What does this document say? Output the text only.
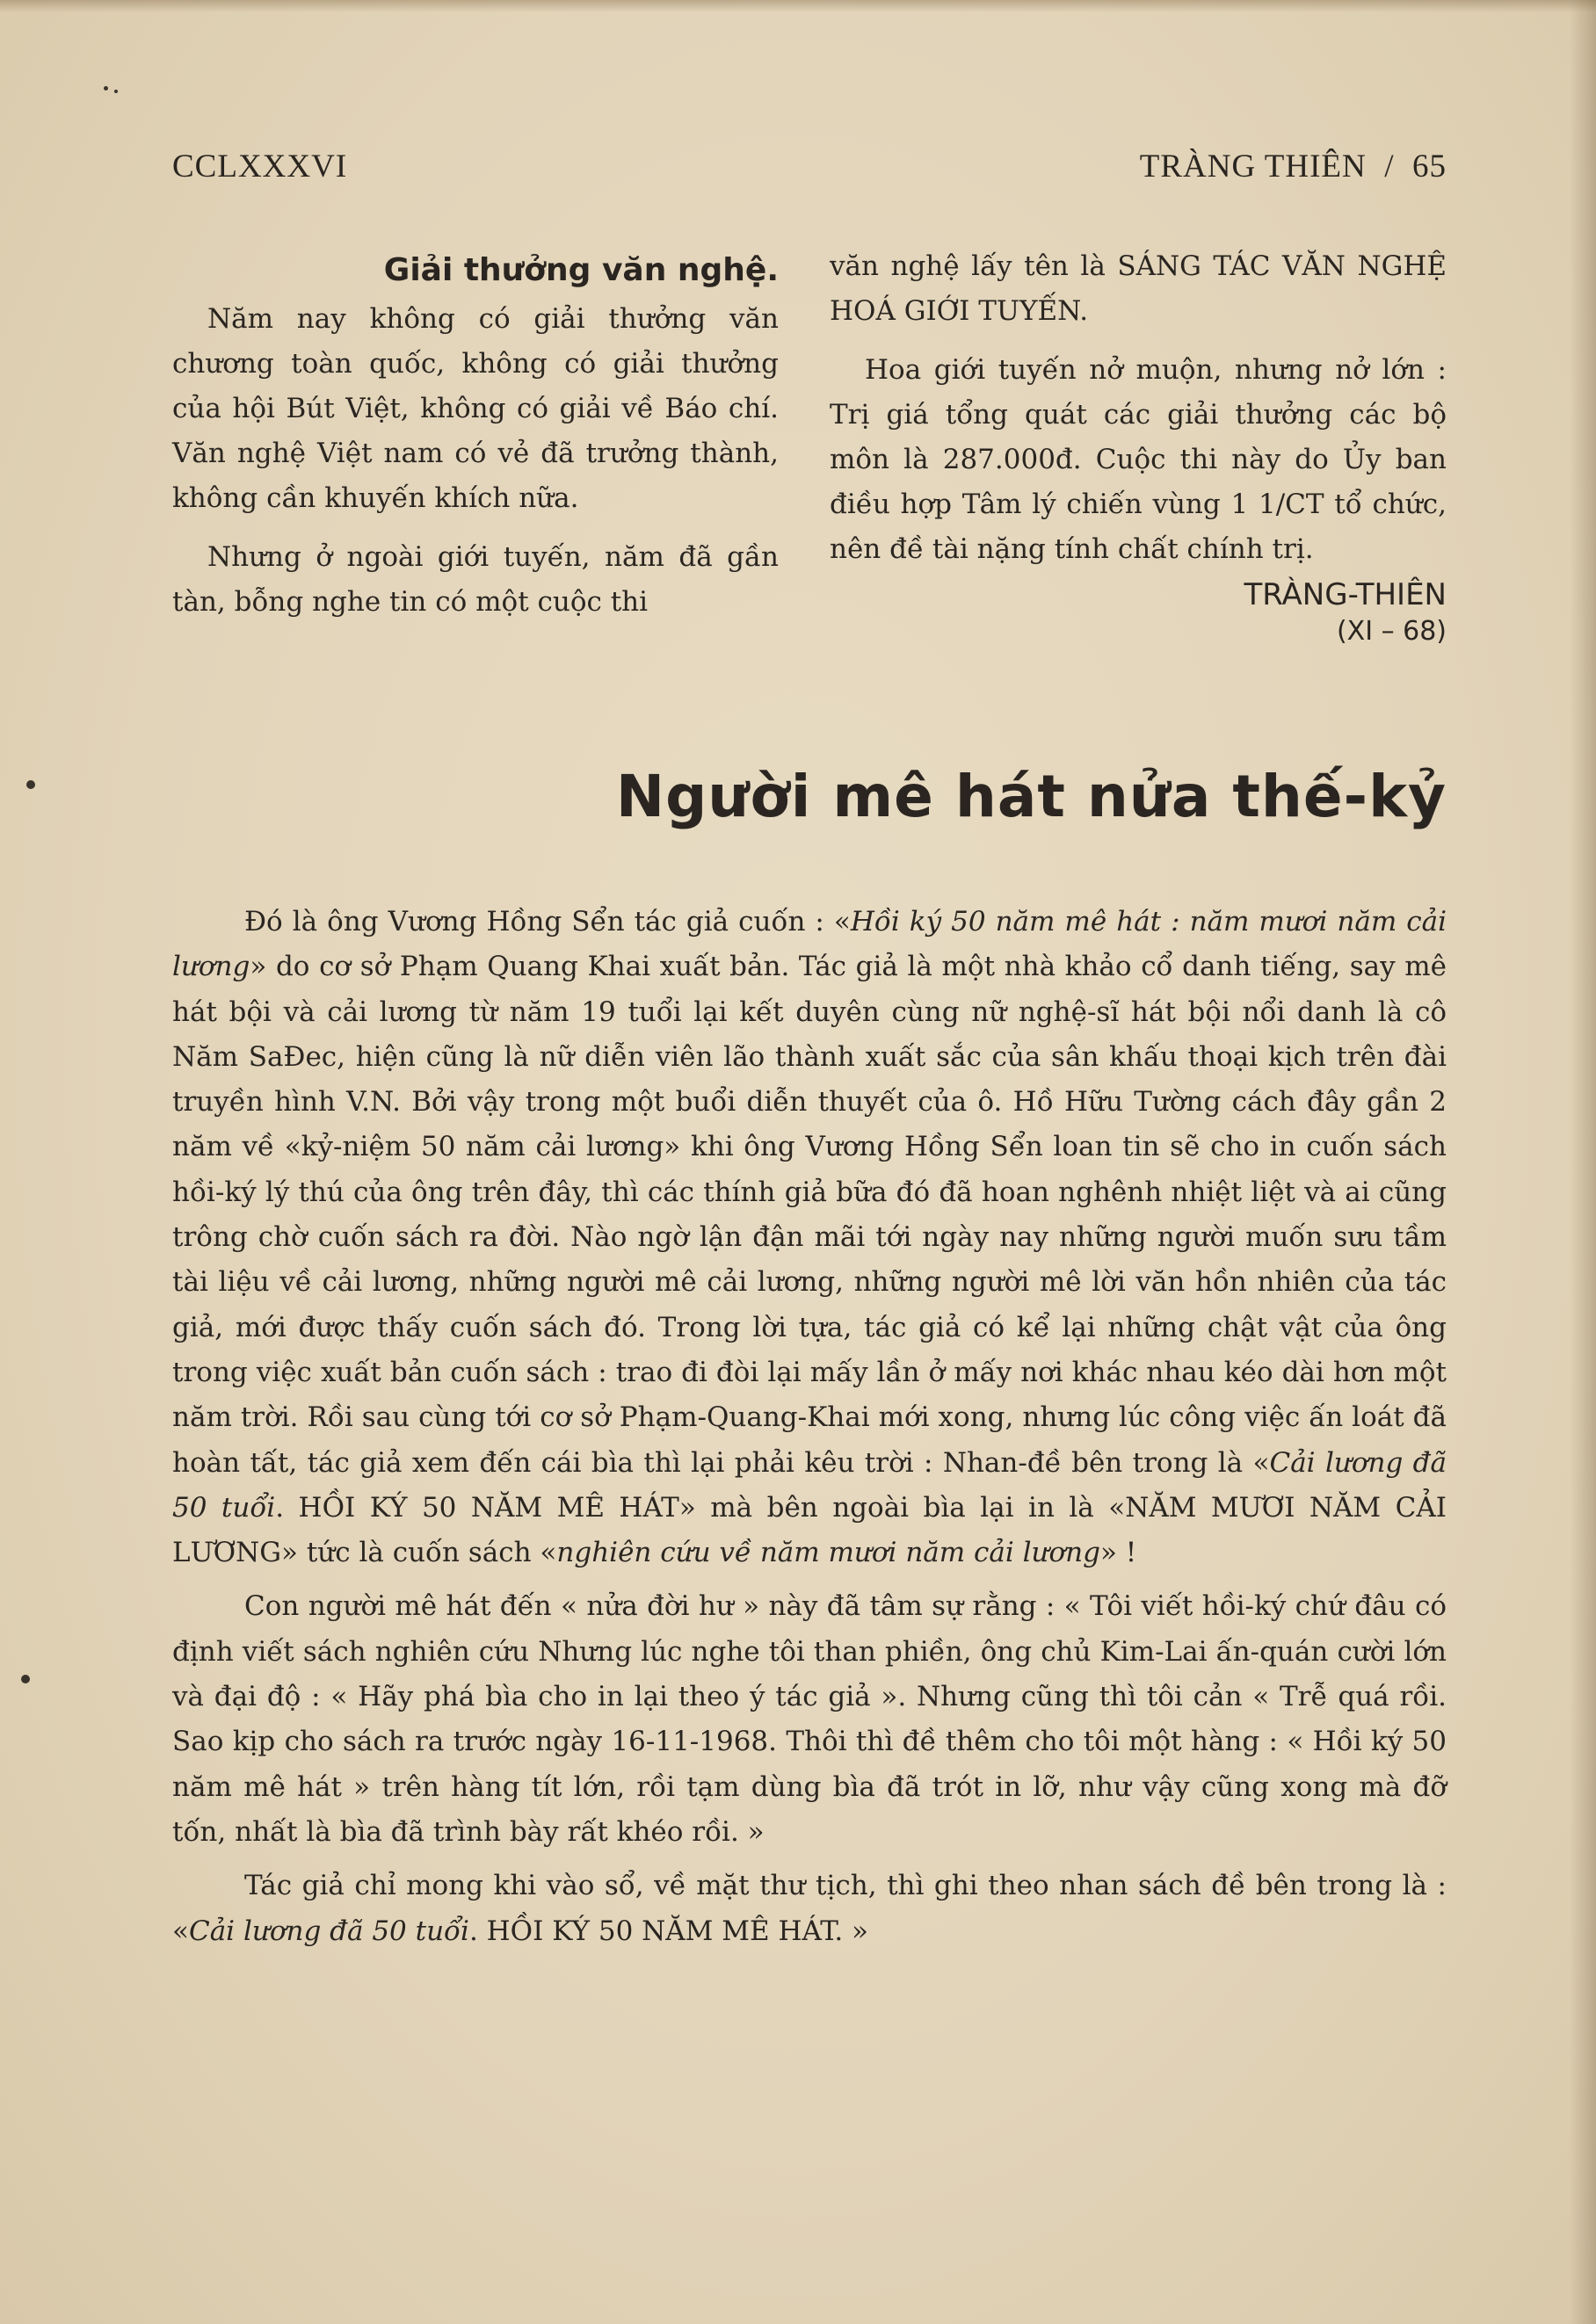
CCLXXXVI	TRÀNG THIÊN  /  65
Giải thưởng văn nghệ.

Năm nay không có giải thưởng văn chương toàn quốc, không có giải thưởng của hội Bút Việt, không có giải về Báo chí. Văn nghệ Việt nam có vẻ đã trưởng thành, không cần khuyến khích nữa.

Nhưng ở ngoài giới tuyến, năm đã gần tàn, bỗng nghe tin có một cuộc thi

văn nghệ lấy tên là SÁNG TÁC VĂN NGHỆ HOÁ GIỚI TUYẾN.

Hoa giới tuyến nở muộn, nhưng nở lớn : Trị giá tổng quát các giải thưởng các bộ môn là 287.000đ. Cuộc thi này do Ủy ban điều hợp Tâm lý chiến vùng 1 1/CT tổ chức, nên đề tài nặng tính chất chính trị.

TRÀNG-THIÊN
(XI – 68)
Người mê hát nửa thế-kỷ

Đó là ông Vương Hồng Sển tác giả cuốn : «Hồi ký 50 năm mê hát : năm mươi năm cải lương» do cơ sở Phạm Quang Khai xuất bản. Tác giả là một nhà khảo cổ danh tiếng, say mê hát bội và cải lương từ năm 19 tuổi lại kết duyên cùng nữ nghệ-sĩ hát bội nổi danh là cô Năm SaĐec, hiện cũng là nữ diễn viên lão thành xuất sắc của sân khấu thoại kịch trên đài truyền hình V.N. Bởi vậy trong một buổi diễn thuyết của ô. Hồ Hữu Tường cách đây gần 2 năm về «kỷ-niệm 50 năm cải lương» khi ông Vương Hồng Sển loan tin sẽ cho in cuốn sách hồi-ký lý thú của ông trên đây, thì các thính giả bữa đó đã hoan nghênh nhiệt liệt và ai cũng trông chờ cuốn sách ra đời. Nào ngờ lận đận mãi tới ngày nay những người muốn sưu tầm tài liệu về cải lương, những người mê cải lương, những người mê lời văn hồn nhiên của tác giả, mới được thấy cuốn sách đó. Trong lời tựa, tác giả có kể lại những chật vật của ông trong việc xuất bản cuốn sách : trao đi đòi lại mấy lần ở mấy nơi khác nhau kéo dài hơn một năm trời. Rồi sau cùng tới cơ sở Phạm-Quang-Khai mới xong, nhưng lúc công việc ấn loát đã hoàn tất, tác giả xem đến cái bìa thì lại phải kêu trời : Nhan-đề bên trong là «Cải lương đã 50 tuổi. HỒI KÝ 50 NĂM MÊ HÁT» mà bên ngoài bìa lại in là «NĂM MƯƠI NĂM CẢI LƯƠNG» tức là cuốn sách «nghiên cứu về năm mươi năm cải lương» !

Con người mê hát đến « nửa đời hư » này đã tâm sự rằng : « Tôi viết hồi-ký chứ đâu có định viết sách nghiên cứu Nhưng lúc nghe tôi than phiền, ông chủ Kim-Lai ấn-quán cười lớn và đại độ : « Hãy phá bìa cho in lại theo ý tác giả ». Nhưng cũng thì tôi cản « Trễ quá rồi. Sao kịp cho sách ra trước ngày 16-11-1968. Thôi thì đề thêm cho tôi một hàng : « Hồi ký 50 năm mê hát » trên hàng tít lớn, rồi tạm dùng bìa đã trót in lỡ, như vậy cũng xong mà đỡ tốn, nhất là bìa đã trình bày rất khéo rồi. »

Tác giả chỉ mong khi vào sổ, về mặt thư tịch, thì ghi theo nhan sách đề bên trong là : «Cải lương đã 50 tuổi. HỒI KÝ 50 NĂM MÊ HÁT. »
